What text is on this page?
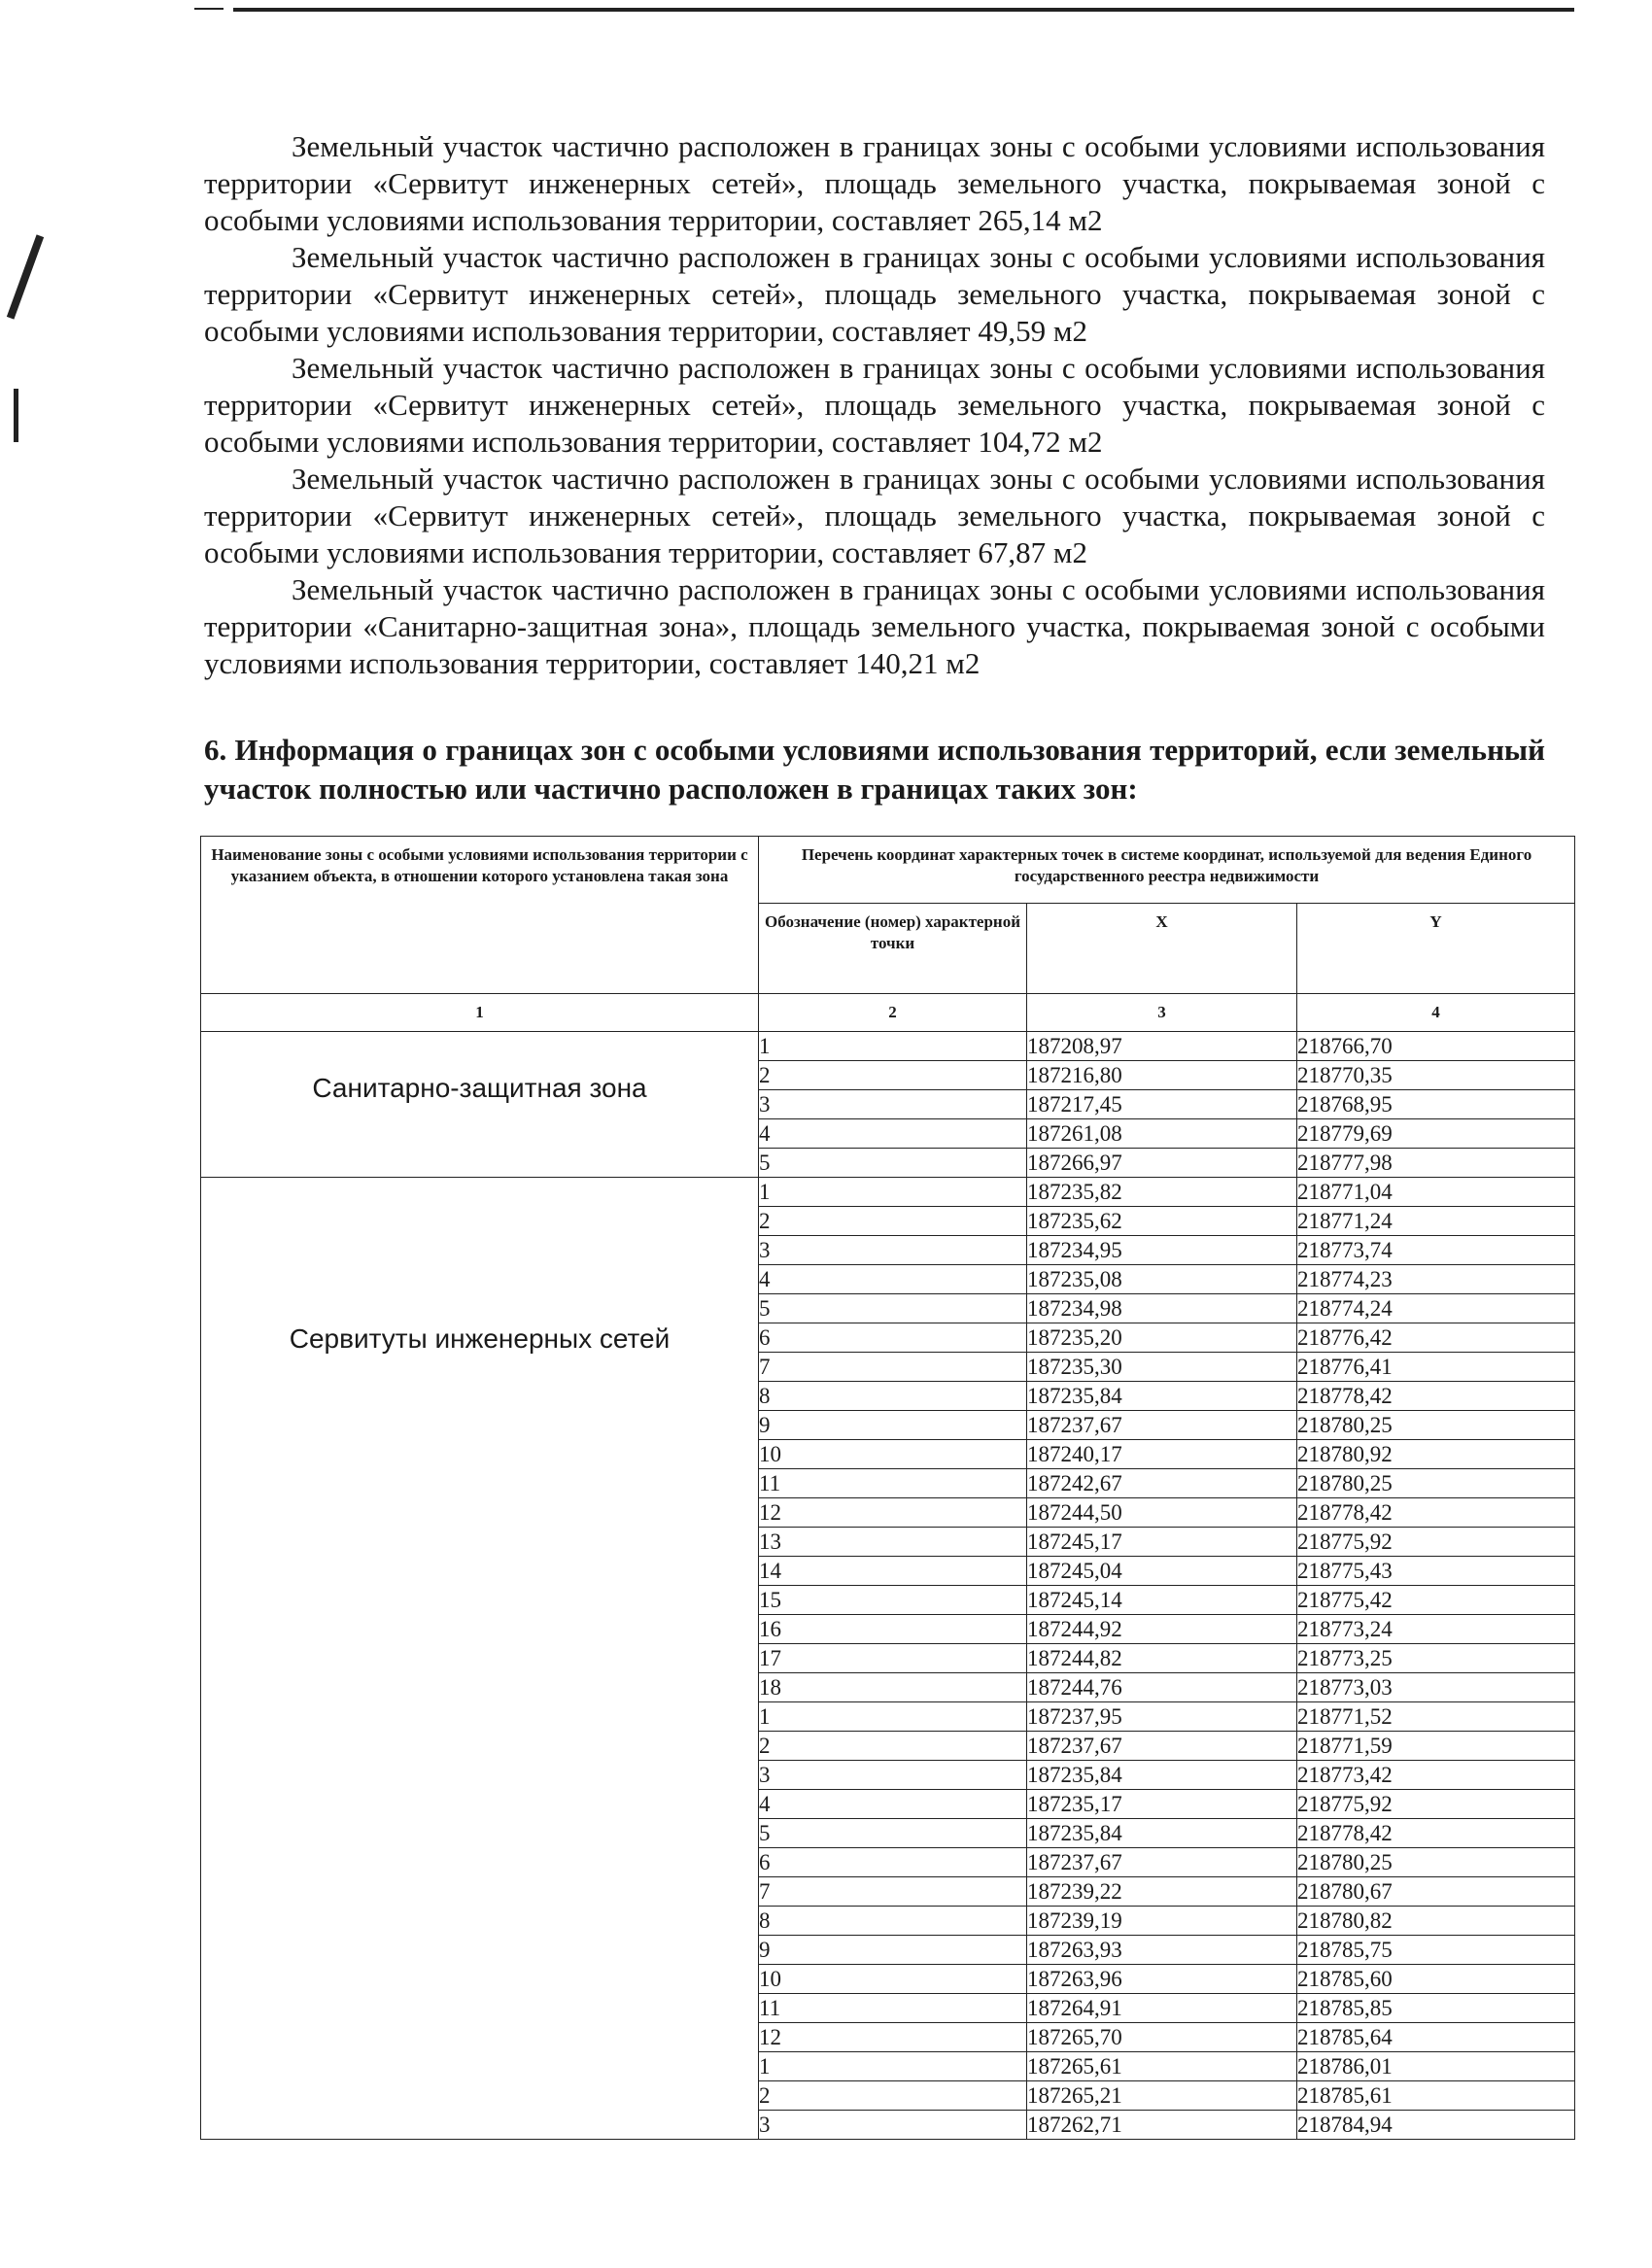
Земельный участок частично расположен в границах зоны с особыми условиями использования территории «Сервитут инженерных сетей», площадь земельного участка, покрываемая зоной с особыми условиями использования территории, составляет 265,14 м2

Земельный участок частично расположен в границах зоны с особыми условиями использования территории «Сервитут инженерных сетей», площадь земельного участка, покрываемая зоной с особыми условиями использования территории, составляет 49,59 м2

Земельный участок частично расположен в границах зоны с особыми условиями использования территории «Сервитут инженерных сетей», площадь земельного участка, покрываемая зоной с особыми условиями использования территории, составляет 104,72 м2

Земельный участок частично расположен в границах зоны с особыми условиями использования территории «Сервитут инженерных сетей», площадь земельного участка, покрываемая зоной с особыми условиями использования территории, составляет 67,87 м2

Земельный участок частично расположен в границах зоны с особыми условиями использования территории «Санитарно-защитная зона», площадь земельного участка, покрываемая зоной с особыми условиями использования территории, составляет 140,21 м2

6. Информация о границах зон с особыми условиями использования территорий, если земельный участок полностью или частично расположен в границах таких зон:

Наименование зоны с особыми условиями использования территории с указанием объекта, в отношении которого установлена такая зона	Перечень координат характерных точек в системе координат, используемой для ведения Единого государственного реестра недвижимости		
	Обозначение (номер) характерной точки	X	Y
1	2	3	4
Санитарно-защитная зона	1	187208,97	218766,70
	2	187216,80	218770,35
	3	187217,45	218768,95
	4	187261,08	218779,69
	5	187266,97	218777,98
Сервитуты инженерных сетей	1	187235,82	218771,04
	2	187235,62	218771,24
	3	187234,95	218773,74
	4	187235,08	218774,23
	5	187234,98	218774,24
	6	187235,20	218776,42
	7	187235,30	218776,41
	8	187235,84	218778,42
	9	187237,67	218780,25
	10	187240,17	218780,92
	11	187242,67	218780,25
	12	187244,50	218778,42
	13	187245,17	218775,92
	14	187245,04	218775,43
	15	187245,14	218775,42
	16	187244,92	218773,24
	17	187244,82	218773,25
	18	187244,76	218773,03
	1	187237,95	218771,52
	2	187237,67	218771,59
	3	187235,84	218773,42
	4	187235,17	218775,92
	5	187235,84	218778,42
	6	187237,67	218780,25
	7	187239,22	218780,67
	8	187239,19	218780,82
	9	187263,93	218785,75
	10	187263,96	218785,60
	11	187264,91	218785,85
	12	187265,70	218785,64
	1	187265,61	218786,01
	2	187265,21	218785,61
	3	187262,71	218784,94
